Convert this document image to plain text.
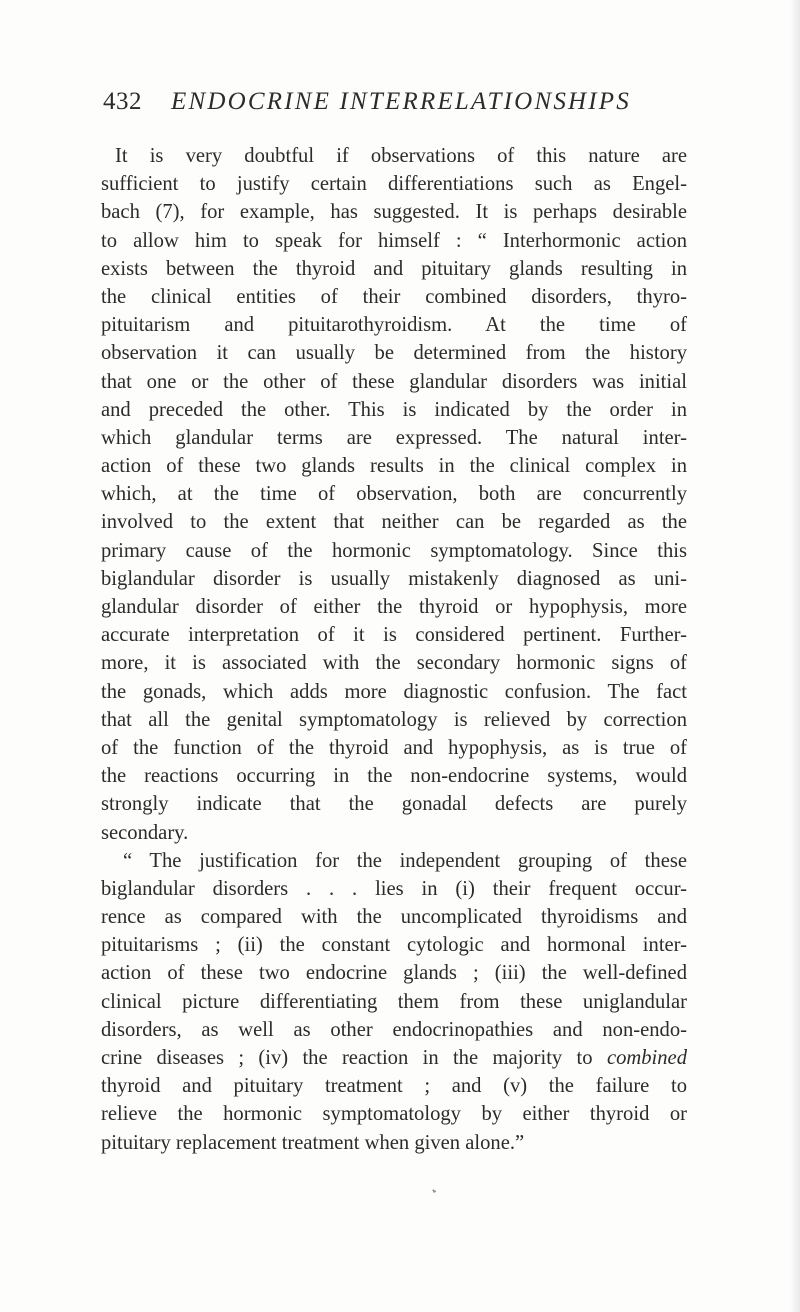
432 ENDOCRINE INTERRELATIONSHIPS
It is very doubtful if observations of this nature are
sufficient to justify certain differentiations such as Engel-
bach (7), for example, has suggested. It is perhaps desirable
to allow him to speak for himself : “ Interhormonic action
exists between the thyroid and pituitary glands resulting in
the clinical entities of their combined disorders, thyro-
pituitarism and pituitarothyroidism. At the time of
observation it can usually be determined from the history
that one or the other of these glandular disorders was initial
and preceded the other. This is indicated by the order in
which glandular terms are expressed. The natural inter-
action of these two glands results in the clinical complex in
which, at the time of observation, both are concurrently
involved to the extent that neither can be regarded as the
primary cause of the hormonic symptomatology. Since this
biglandular disorder is usually mistakenly diagnosed as uni-
glandular disorder of either the thyroid or hypophysis, more
accurate interpretation of it is considered pertinent. Further-
more, it is associated with the secondary hormonic signs of
the gonads, which adds more diagnostic confusion. The fact
that all the genital symptomatology is relieved by correction
of the function of the thyroid and hypophysis, as is true of
the reactions occurring in the non-endocrine systems, would
strongly indicate that the gonadal defects are purely
secondary.
“ The justification for the independent grouping of these
biglandular disorders . . . lies in (i) their frequent occur-
rence as compared with the uncomplicated thyroidisms and
pituitarisms ; (ii) the constant cytologic and hormonal inter-
action of these two endocrine glands ; (iii) the well-defined
clinical picture differentiating them from these uniglandular
disorders, as well as other endocrinopathies and non-endo-
crine diseases ; (iv) the reaction in the majority to combined
thyroid and pituitary treatment ; and (v) the failure to
relieve the hormonic symptomatology by either thyroid or
pituitary replacement treatment when given alone.”
*
